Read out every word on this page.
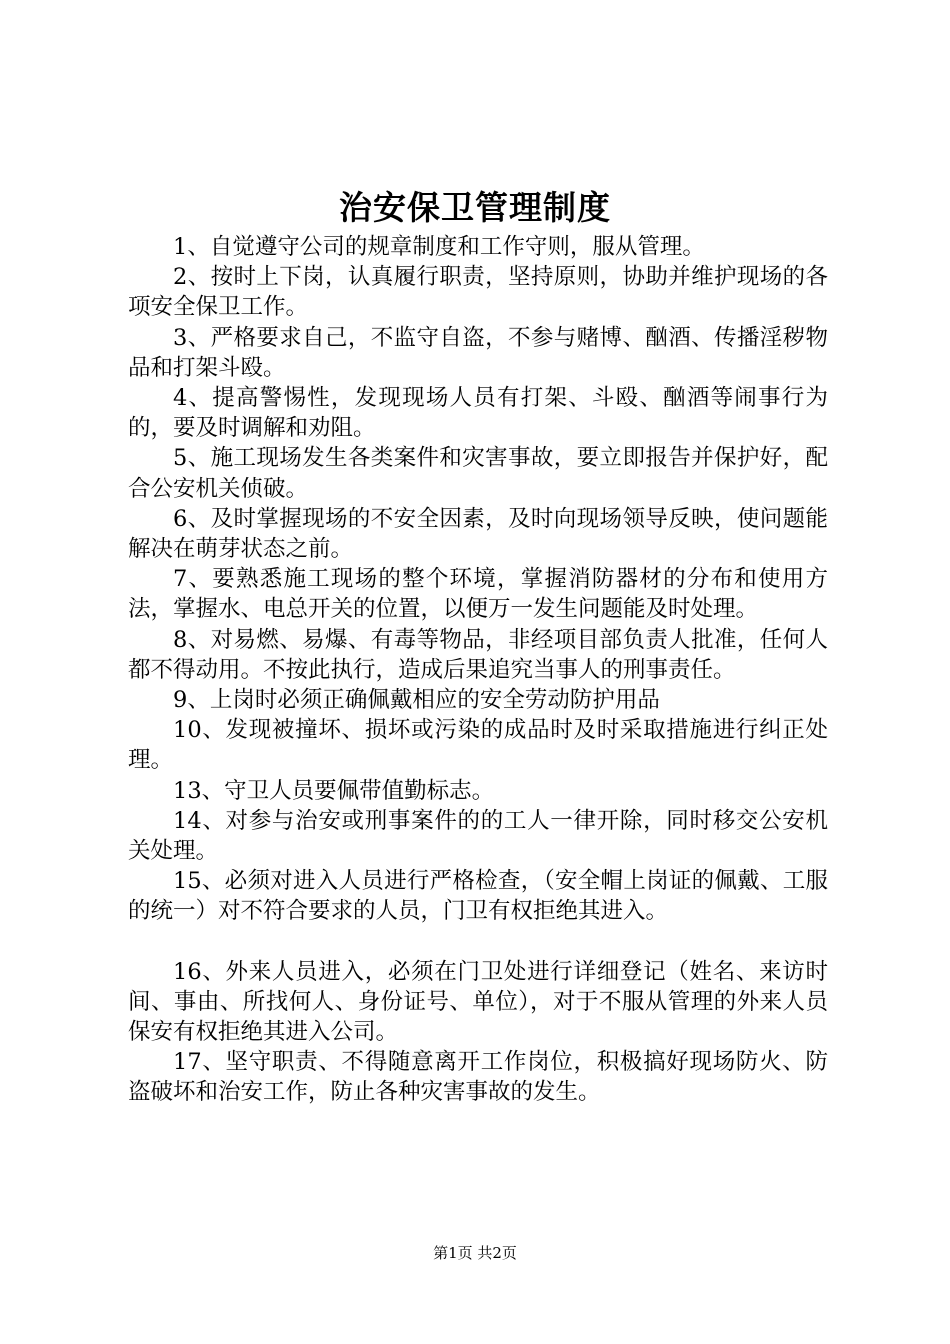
治安保卫管理制度

1、自觉遵守公司的规章制度和工作守则，服从管理。

2、按时上下岗，认真履行职责，坚持原则，协助并维护现场的各项安全保卫工作。

3、严格要求自己，不监守自盗，不参与赌博、酗酒、传播淫秽物品和打架斗殴。

4、提高警惕性，发现现场人员有打架、斗殴、酗酒等闹事行为的，要及时调解和劝阻。

5、施工现场发生各类案件和灾害事故，要立即报告并保护好，配合公安机关侦破。

6、及时掌握现场的不安全因素，及时向现场领导反映，使问题能解决在萌芽状态之前。

7、要熟悉施工现场的整个环境，掌握消防器材的分布和使用方法，掌握水、电总开关的位置，以便万一发生问题能及时处理。

8、对易燃、易爆、有毒等物品，非经项目部负责人批准，任何人都不得动用。不按此执行，造成后果追究当事人的刑事责任。

9、上岗时必须正确佩戴相应的安全劳动防护用品

10、发现被撞坏、损坏或污染的成品时及时采取措施进行纠正处理。

13、守卫人员要佩带值勤标志。

14、对参与治安或刑事案件的的工人一律开除，同时移交公安机关处理。

15、必须对进入人员进行严格检查，（安全帽上岗证的佩戴、工服的统一）对不符合要求的人员，门卫有权拒绝其进入。

16、外来人员进入，必须在门卫处进行详细登记（姓名、来访时间、事由、所找何人、身份证号、单位），对于不服从管理的外来人员保安有权拒绝其进入公司。

17、坚守职责、不得随意离开工作岗位，积极搞好现场防火、防盗破坏和治安工作，防止各种灾害事故的发生。

第1页 共2页
